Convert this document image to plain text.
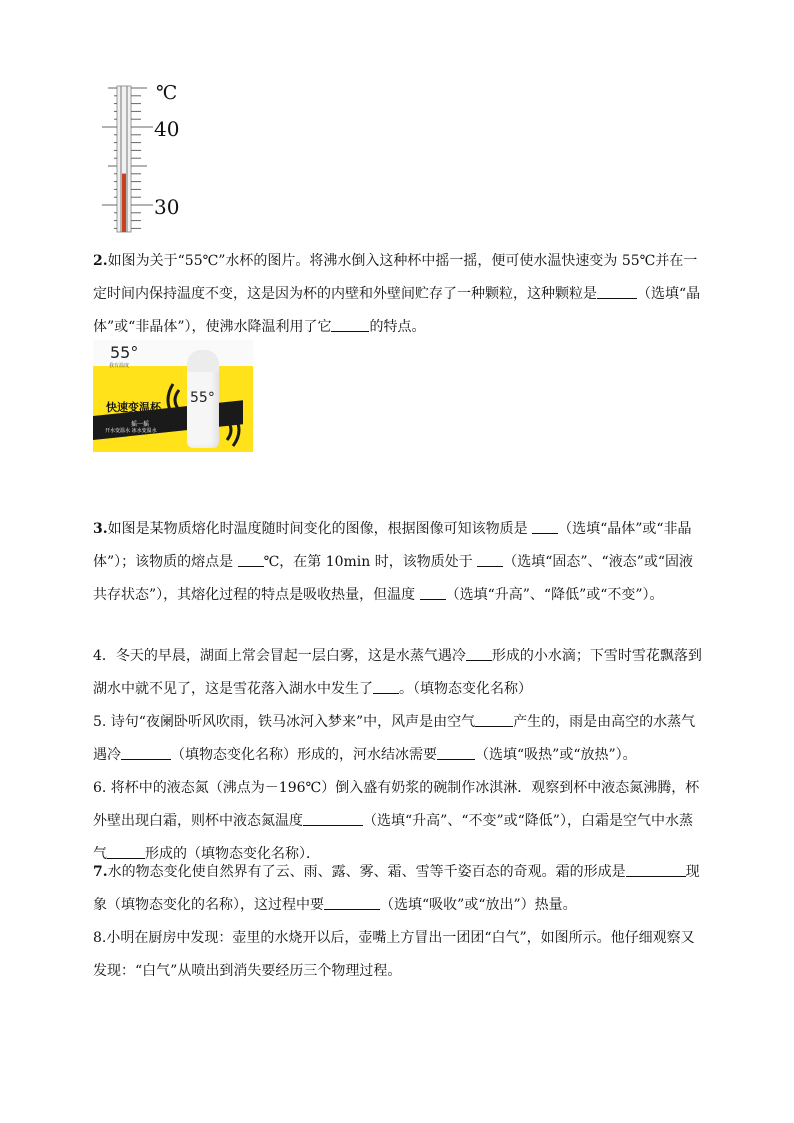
℃
40
30

2.如图为关于“55℃”水杯的图片。将沸水倒入这种杯中摇一摇，便可使水温快速变为 55℃并在一定时间内保持温度不变，这是因为杯的内壁和外壁间贮存了一种颗粒，这种颗粒是	（选填“晶体”或“非晶体”），使沸水降温利用了它	的特点。

55°
我有温度
快速变温杯
摇一摇
开水变温水 冰水变温水
55°

3.如图是某物质熔化时温度随时间变化的图像，根据图像可知该物质是 （选填“晶体”或“非晶体”）；该物质的熔点是 ℃，在第 10min 时，该物质处于 （选填“固态”、“液态”或“固液共存状态”），其熔化过程的特点是吸收热量，但温度 （选填“升高”、“降低”或“不变”）。

4．冬天的早晨，湖面上常会冒起一层白雾，这是水蒸气遇冷 形成的小水滴；下雪时雪花飘落到湖水中就不见了，这是雪花落入湖水中发生了 。（填物态变化名称）

5. 诗句“夜阑卧听风吹雨，铁马冰河入梦来”中，风声是由空气	产生的，雨是由高空的水蒸气遇冷	（填物态变化名称）形成的，河水结冰需要	（选填“吸热”或“放热”）。

6. 将杯中的液态氮（沸点为－196℃）倒入盛有奶浆的碗制作冰淇淋．观察到杯中液态氮沸腾，杯外壁出现白霜，则杯中液态氮温度	（选填“升高”、“不变”或“降低”），白霜是空气中水蒸气	形成的（填物态变化名称）．

7.水的物态变化使自然界有了云、雨、露、雾、霜、雪等千姿百态的奇观。霜的形成是	现象（填物态变化的名称），这过程中要	（选填“吸收”或“放出”）热量。

8.小明在厨房中发现：壶里的水烧开以后，壶嘴上方冒出一团团“白气”，如图所示。他仔细观察又发现：“白气”从喷出到消失要经历三个物理过程。
